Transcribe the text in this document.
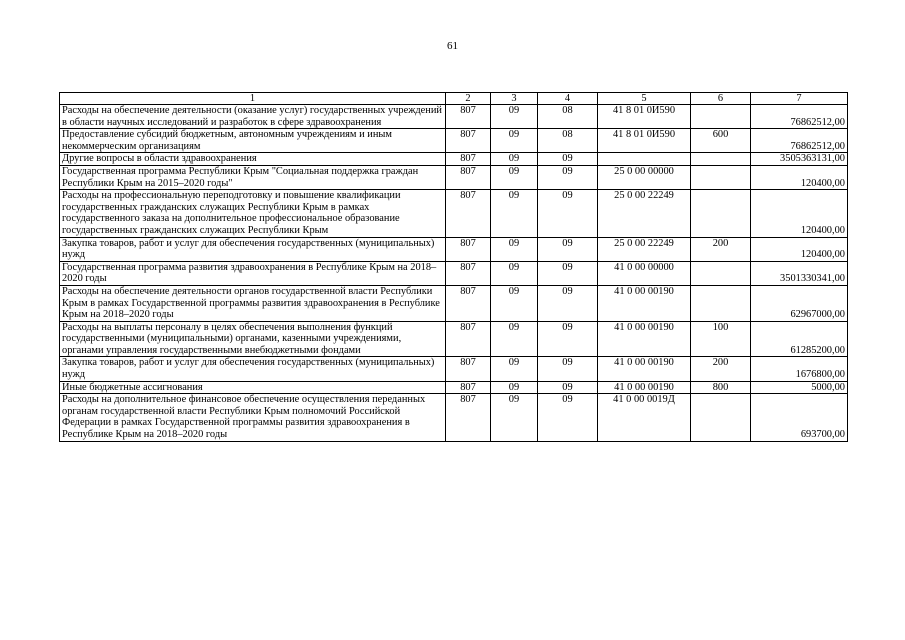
61
1	2	3	4	5	6	7
Расходы на обеспечение деятельности (оказание услуг) государственных учреждений в области научных исследований и разработок в сфере здравоохранения	807	09	08	41 8 01 0И590		76862512,00
Предоставление субсидий бюджетным, автономным учреждениям и иным некоммерческим организациям	807	09	08	41 8 01 0И590	600	76862512,00
Другие вопросы в области здравоохранения	807	09	09			3505363131,00
Государственная программа Республики Крым "Социальная поддержка граждан Республики Крым на 2015–2020 годы"	807	09	09	25 0 00 00000		120400,00
Расходы на профессиональную переподготовку и повышение квалификации государственных гражданских служащих Республики Крым в рамках государственного заказа на дополнительное профессиональное образование государственных гражданских служащих Республики Крым	807	09	09	25 0 00 22249		120400,00
Закупка товаров, работ и услуг для обеспечения государственных (муниципальных) нужд	807	09	09	25 0 00 22249	200	120400,00
Государственная программа развития здравоохранения в Республике Крым на 2018–2020 годы	807	09	09	41 0 00 00000		3501330341,00
Расходы на обеспечение деятельности органов государственной власти Республики Крым в рамках Государственной программы развития здравоохранения в Республике Крым на 2018–2020 годы	807	09	09	41 0 00 00190		62967000,00
Расходы на выплаты персоналу в целях обеспечения выполнения функций государственными (муниципальными) органами, казенными учреждениями, органами управления государственными внебюджетными фондами	807	09	09	41 0 00 00190	100	61285200,00
Закупка товаров, работ и услуг для обеспечения государственных (муниципальных) нужд	807	09	09	41 0 00 00190	200	1676800,00
Иные бюджетные ассигнования	807	09	09	41 0 00 00190	800	5000,00
Расходы на дополнительное финансовое обеспечение осуществления переданных органам государственной власти Республики Крым полномочий Российской Федерации в рамках Государственной программы развития здравоохранения в Республике Крым на 2018–2020 годы	807	09	09	41 0 00 0019Д		693700,00
